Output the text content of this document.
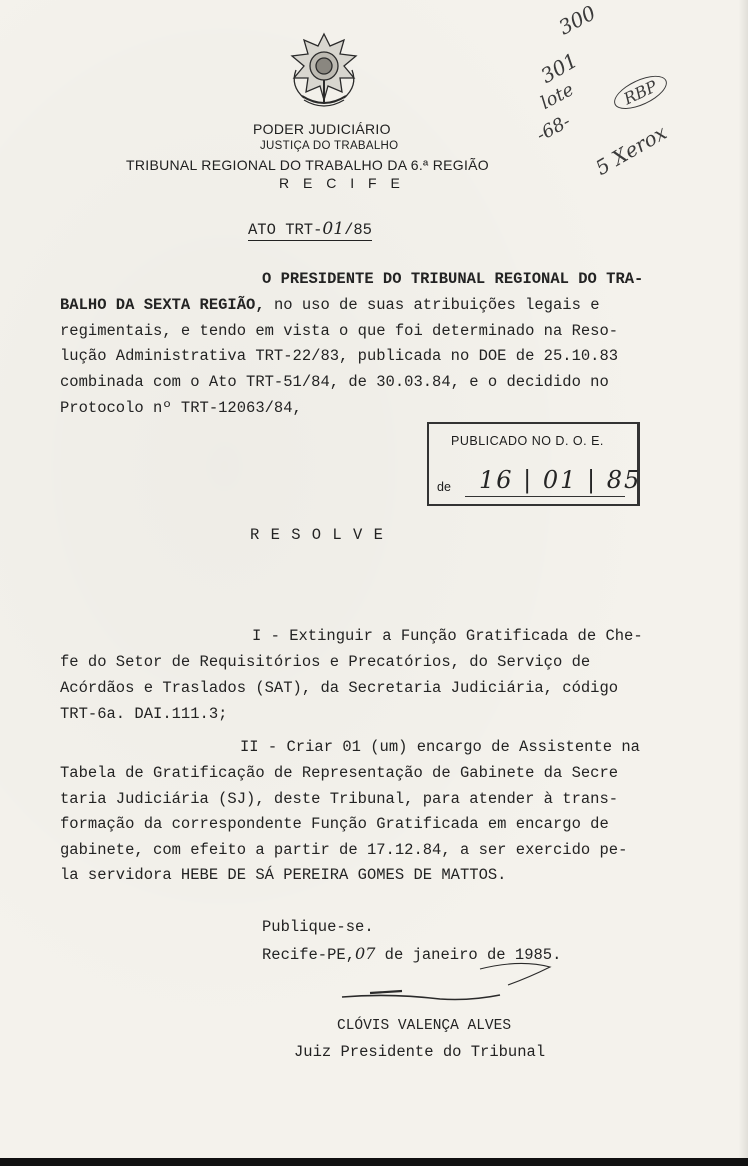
PODER JUDICIÁRIO
JUSTIÇA DO TRABALHO
TRIBUNAL REGIONAL DO TRABALHO DA 6.ª REGIÃO
R E C I F E
300
301
lote
-68-
RBP
5 Xerox
ATO TRT-01/85
O PRESIDENTE DO TRIBUNAL REGIONAL DO TRA-
BALHO DA SEXTA REGIÃO, no uso de suas atribuições legais e
regimentais, e tendo em vista o que foi determinado na Reso-
lução Administrativa TRT-22/83, publicada no DOE de 25.10.83
combinada com o Ato TRT-51/84, de 30.03.84, e o decidido no
Protocolo nº TRT-12063/84,
PUBLICADO NO D. O. E.
de 16 | 01 | 85
R E S O L V E
I - Extinguir a Função Gratificada de Che-
fe do Setor de Requisitórios e Precatórios, do Serviço de
Acórdãos e Traslados (SAT), da Secretaria Judiciária, código
TRT-6a. DAI.111.3;
II - Criar 01 (um) encargo de Assistente na
Tabela de Gratificação de Representação de Gabinete da Secre
taria Judiciária (SJ), deste Tribunal, para atender à trans-
formação da correspondente Função Gratificada em encargo de
gabinete, com efeito a partir de 17.12.84, a ser exercido pe-
la servidora HEBE DE SÁ PEREIRA GOMES DE MATTOS.
Publique-se.
Recife-PE,07 de janeiro de 1985.
CLÓVIS VALENÇA ALVES
Juiz Presidente do Tribunal
